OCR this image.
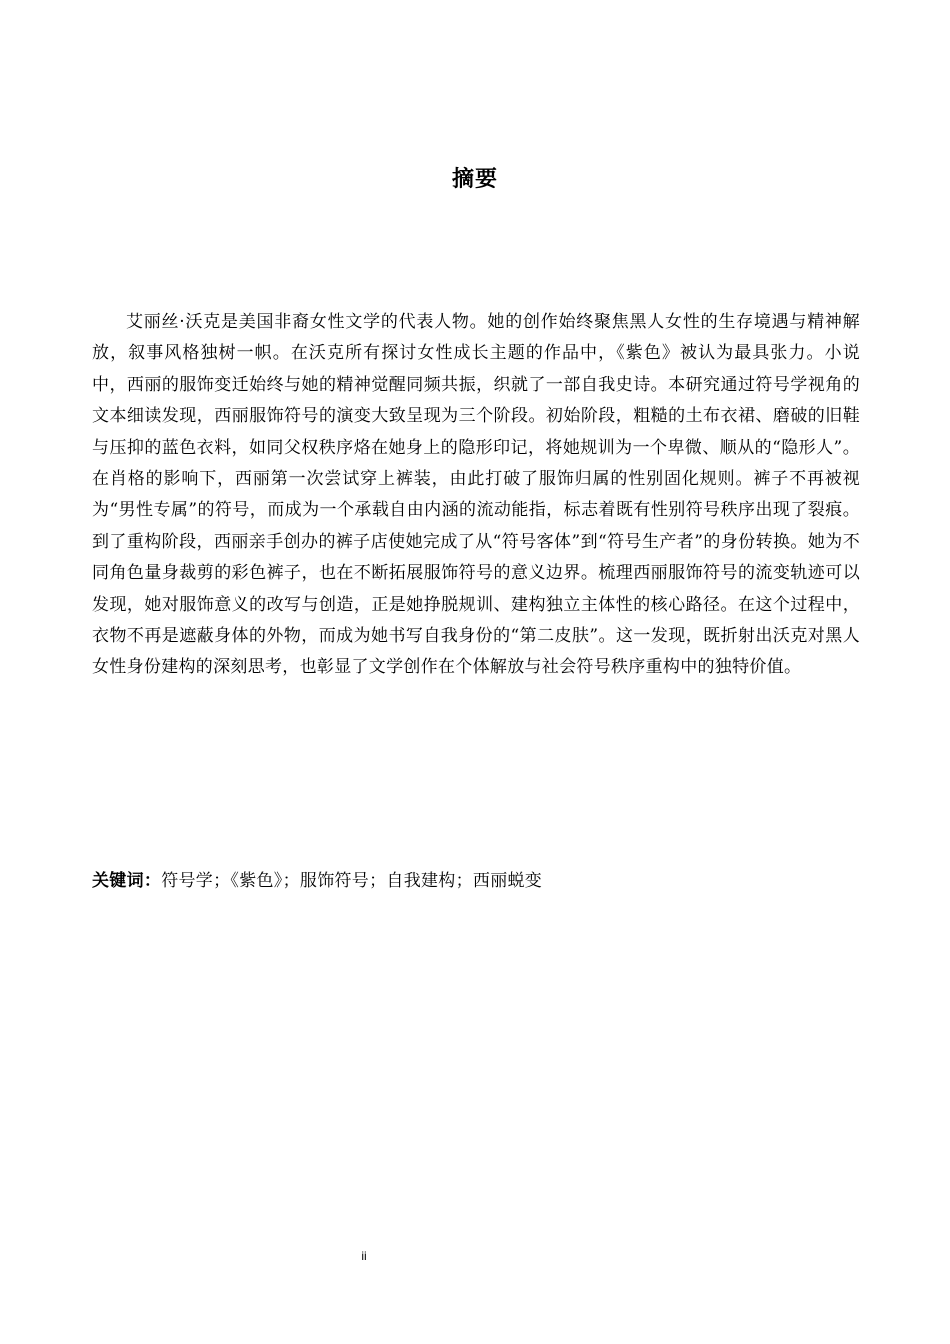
摘要

艾丽丝·沃克是美国非裔女性文学的代表人物。她的创作始终聚焦黑人女性的生存境遇与精神解放，叙事风格独树一帜。在沃克所有探讨女性成长主题的作品中，《紫色》被认为最具张力。小说中，西丽的服饰变迁始终与她的精神觉醒同频共振，织就了一部自我史诗。本研究通过符号学视角的文本细读发现，西丽服饰符号的演变大致呈现为三个阶段。初始阶段，粗糙的土布衣裙、磨破的旧鞋与压抑的蓝色衣料，如同父权秩序烙在她身上的隐形印记，将她规训为一个卑微、顺从的“隐形人”。在肖格的影响下，西丽第一次尝试穿上裤装，由此打破了服饰归属的性别固化规则。裤子不再被视为“男性专属”的符号，而成为一个承载自由内涵的流动能指，标志着既有性别符号秩序出现了裂痕。到了重构阶段，西丽亲手创办的裤子店使她完成了从“符号客体”到“符号生产者”的身份转换。她为不同角色量身裁剪的彩色裤子，也在不断拓展服饰符号的意义边界。梳理西丽服饰符号的流变轨迹可以发现，她对服饰意义的改写与创造，正是她挣脱规训、建构独立主体性的核心路径。在这个过程中，衣物不再是遮蔽身体的外物，而成为她书写自我身份的“第二皮肤”。这一发现，既折射出沃克对黑人女性身份建构的深刻思考，也彰显了文学创作在个体解放与社会符号秩序重构中的独特价值。

关键词：符号学；《紫色》；服饰符号；自我建构；西丽蜕变
ii
